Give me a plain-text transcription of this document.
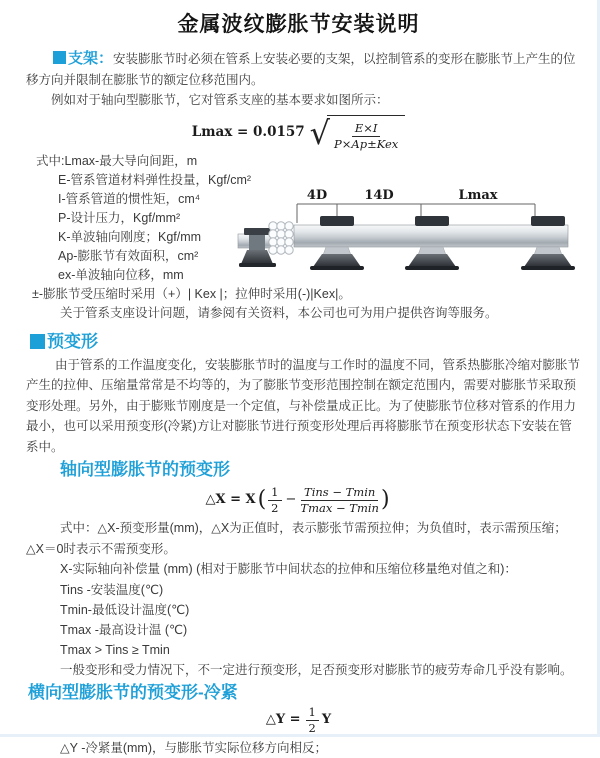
金属波纹膨胀节安装说明
支架：安装膨胀节时必须在管系上安装必要的支架，以控制管系的变形在膨胀节上产生的位移方向并限制在膨胀节的额定位移范围内。
例如对于轴向型膨胀节，它对管系支座的基本要求如图所示：
Lmax = 0.0157 √ $\frac{E\times I}{\text{P×Ap±Kex}}$
式中:Lmax-最大导向间距，m
E-管系管道材料弹性投量，Kgf/cm²
I-管系管道的惯性矩，cm⁴
P-设计压力，Kgf/mm²
K-单波轴向刚度；Kgf/mm
Ap-膨胀节有效面积，cm²
ex-单波轴向位移，mm
4D	14D	Lmax
±-膨胀节受压缩时采用（+）| Kex |；拉伸时采用(-)|Kex|。
关于管系支座设计问题，请参阅有关资料，本公司也可为用户提供咨询等服务。
预变形
由于管系的工作温度变化，安装膨胀节时的温度与工作时的温度不同，管系热膨胀冷缩对膨胀节产生的拉伸、压缩量常常是不均等的，为了膨胀节变形范围控制在额定范围内，需要对膨胀节采取预变形处理。另外，由于膨账节刚度是一个定值，与补偿量成正比。为了使膨胀节位移对管系的作用力最小，也可以采用预变形(冷紧)方让对膨胀节进行预变形处理后再将膨胀节在预变形状态下安装在管系中。
轴向型膨胀节的预变形
△X = X ( $\frac{1}{2} - \frac{\text{Tins − Tmin}}{Tmax - Tmin}$ )
式中：△X-预变形量(mm)，△X为正值时，表示膨张节需预拉伸；为负值时，表示需预压缩；△X＝0时表示不需预变形。
X-实际轴向补偿量 (mm) (相对于膨胀节中间状态的拉伸和压缩位移量绝对值之和)：
Tins -安装温度(℃)
Tmin-最低设计温度(℃)
Tmax -最高设计温 (℃)
Tmax > Tins ≥ Tmin
一般变形和受力情况下，不一定进行预变形，足否预变形对膨胀节的疲劳寿命几乎没有影响。
横向型膨胀节的预变形-冷紧
△Y = $\frac{1}{2}$ Y
△Y -冷紧量(mm)，与膨胀节实际位移方向相反；
